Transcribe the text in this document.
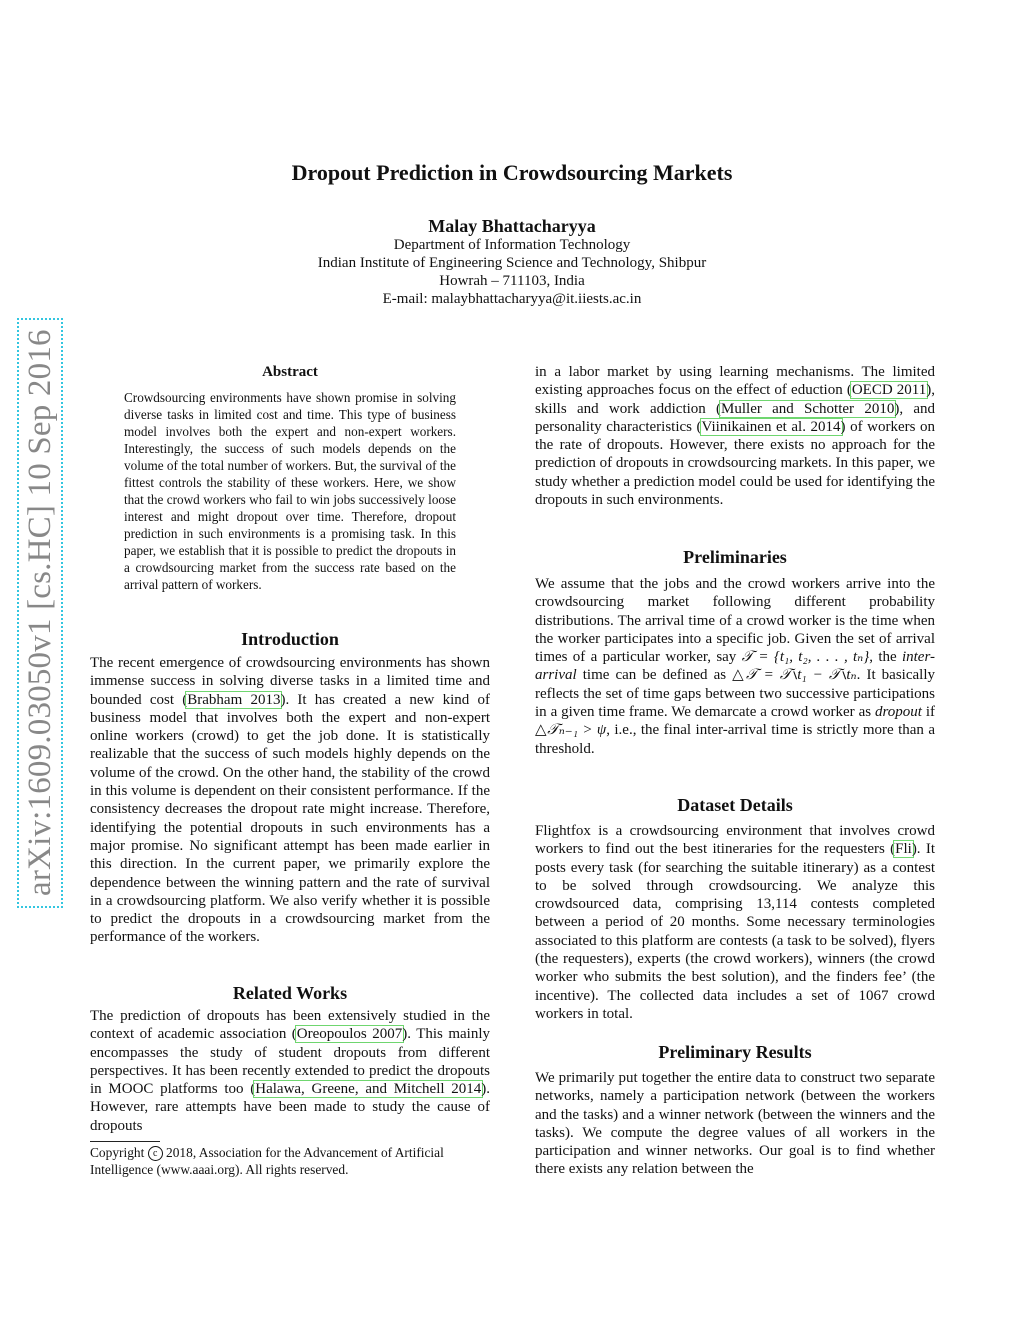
arXiv:1609.03050v1 [cs.HC] 10 Sep 2016
Dropout Prediction in Crowdsourcing Markets
Malay Bhattacharyya
Department of Information Technology
Indian Institute of Engineering Science and Technology, Shibpur
Howrah – 711103, India
E-mail: malaybhattacharyya@it.iiests.ac.in
Abstract
Crowdsourcing environments have shown promise in solving diverse tasks in limited cost and time. This type of business model involves both the expert and non-expert workers. Interestingly, the success of such models depends on the volume of the total number of workers. But, the survival of the fittest controls the stability of these workers. Here, we show that the crowd workers who fail to win jobs successively loose interest and might dropout over time. Therefore, dropout prediction in such environments is a promising task. In this paper, we establish that it is possible to predict the dropouts in a crowdsourcing market from the success rate based on the arrival pattern of workers.
Introduction
The recent emergence of crowdsourcing environments has shown immense success in solving diverse tasks in a limited time and bounded cost (Brabham 2013). It has created a new kind of business model that involves both the expert and non-expert online workers (crowd) to get the job done. It is statistically realizable that the success of such models highly depends on the volume of the crowd. On the other hand, the stability of the crowd in this volume is dependent on their consistent performance. If the consistency decreases the dropout rate might increase. Therefore, identifying the potential dropouts in such environments has a major promise. No significant attempt has been made earlier in this direction. In the current paper, we primarily explore the dependence between the winning pattern and the rate of survival in a crowdsourcing platform. We also verify whether it is possible to predict the dropouts in a crowdsourcing market from the performance of the workers.
Related Works
The prediction of dropouts has been extensively studied in the context of academic association (Oreopoulos 2007). This mainly encompasses the study of student dropouts from different perspectives. It has been recently extended to predict the dropouts in MOOC platforms too (Halawa, Greene, and Mitchell 2014). However, rare attempts have been made to study the cause of dropouts
Copyright c 2018, Association for the Advancement of Artificial Intelligence (www.aaai.org). All rights reserved.
in a labor market by using learning mechanisms. The limited existing approaches focus on the effect of eduction (OECD 2011), skills and work addiction (Muller and Schotter 2010), and personality characteristics (Viinikainen et al. 2014) of workers on the rate of dropouts. However, there exists no approach for the prediction of dropouts in crowdsourcing markets. In this paper, we study whether a prediction model could be used for identifying the dropouts in such environments.
Preliminaries
We assume that the jobs and the crowd workers arrive into the crowdsourcing market following different probability distributions. The arrival time of a crowd worker is the time when the worker participates into a specific job. Given the set of arrival times of a particular worker, say 𝒯 = {t₁, t₂, . . . , tₙ}, the inter-arrival time can be defined as △𝒯 = 𝒯∖t₁ − 𝒯∖tₙ. It basically reflects the set of time gaps between two successive participations in a given time frame. We demarcate a crowd worker as dropout if △𝒯ₙ₋₁ > ψ, i.e., the final inter-arrival time is strictly more than a threshold.
Dataset Details
Flightfox is a crowdsourcing environment that involves crowd workers to find out the best itineraries for the requesters (Fli). It posts every task (for searching the suitable itinerary) as a contest to be solved through crowdsourcing. We analyze this crowdsourced data, comprising 13,114 contests completed between a period of 20 months. Some necessary terminologies associated to this platform are contests (a task to be solved), flyers (the requesters), experts (the crowd workers), winners (the crowd worker who submits the best solution), and the finders fee’ (the incentive). The collected data includes a set of 1067 crowd workers in total.
Preliminary Results
We primarily put together the entire data to construct two separate networks, namely a participation network (between the workers and the tasks) and a winner network (between the winners and the tasks). We compute the degree values of all workers in the participation and winner networks. Our goal is to find whether there exists any relation between the
